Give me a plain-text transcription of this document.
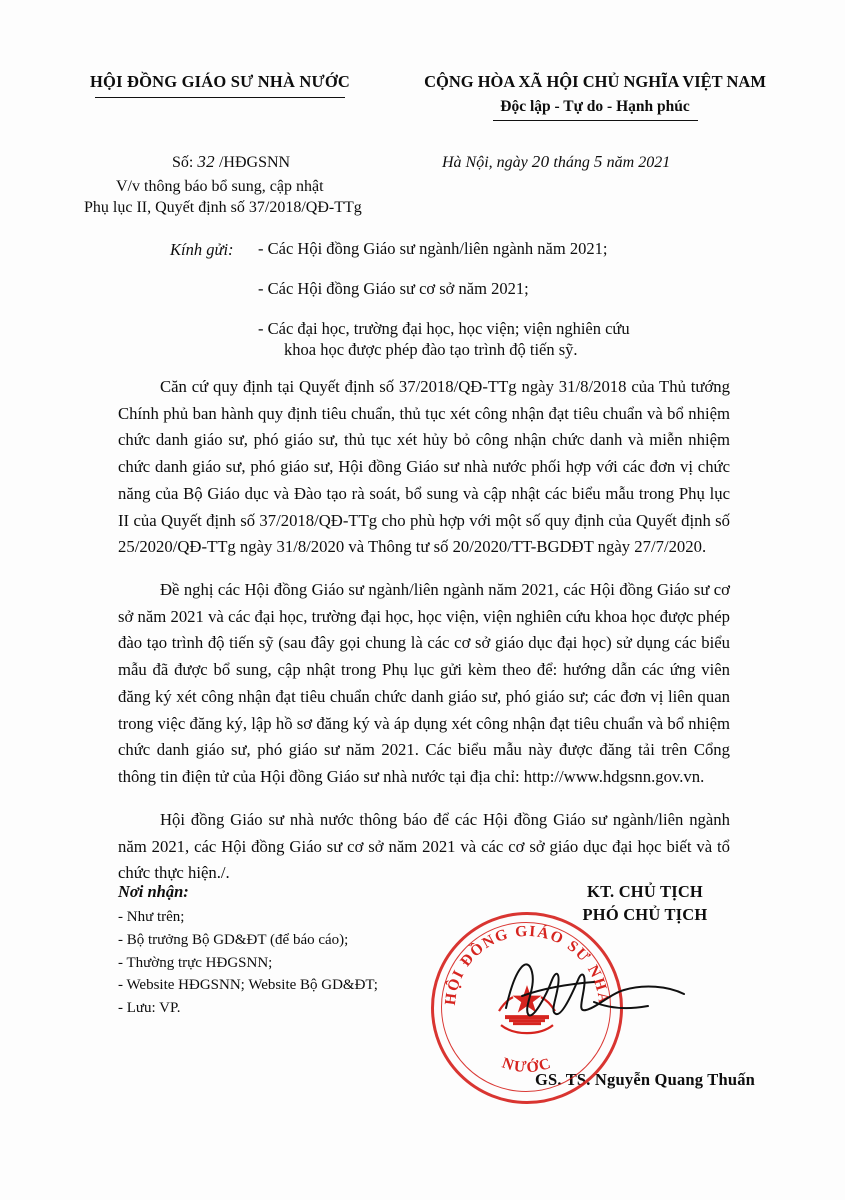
HỘI ĐỒNG GIÁO SƯ NHÀ NƯỚC	CỘNG HÒA XÃ HỘI CHỦ NGHĨA VIỆT NAM
Độc lập - Tự do - Hạnh phúc
Số: 32 /HĐGSNN
V/v thông báo bổ sung, cập nhật
Phụ lục II, Quyết định số 37/2018/QĐ-TTg
Hà Nội, ngày 20 tháng 5 năm 2021
Kính gửi: - Các Hội đồng Giáo sư ngành/liên ngành năm 2021;
- Các Hội đồng Giáo sư cơ sở năm 2021;
- Các đại học, trường đại học, học viện; viện nghiên cứu
khoa học được phép đào tạo trình độ tiến sỹ.

Căn cứ quy định tại Quyết định số 37/2018/QĐ-TTg ngày 31/8/2018 của Thủ tướng Chính phủ ban hành quy định tiêu chuẩn, thủ tục xét công nhận đạt tiêu chuẩn và bổ nhiệm chức danh giáo sư, phó giáo sư, thủ tục xét hủy bỏ công nhận chức danh và miễn nhiệm chức danh giáo sư, phó giáo sư, Hội đồng Giáo sư nhà nước phối hợp với các đơn vị chức năng của Bộ Giáo dục và Đào tạo rà soát, bổ sung và cập nhật các biểu mẫu trong Phụ lục II của Quyết định số 37/2018/QĐ-TTg cho phù hợp với một số quy định của Quyết định số 25/2020/QĐ-TTg ngày 31/8/2020 và Thông tư số 20/2020/TT-BGDĐT ngày 27/7/2020.

Đề nghị các Hội đồng Giáo sư ngành/liên ngành năm 2021, các Hội đồng Giáo sư cơ sở năm 2021 và các đại học, trường đại học, học viện, viện nghiên cứu khoa học được phép đào tạo trình độ tiến sỹ (sau đây gọi chung là các cơ sở giáo dục đại học) sử dụng các biểu mẫu đã được bổ sung, cập nhật trong Phụ lục gửi kèm theo để: hướng dẫn các ứng viên đăng ký xét công nhận đạt tiêu chuẩn chức danh giáo sư, phó giáo sư; các đơn vị liên quan trong việc đăng ký, lập hồ sơ đăng ký và áp dụng xét công nhận đạt tiêu chuẩn và bổ nhiệm chức danh giáo sư, phó giáo sư năm 2021. Các biểu mẫu này được đăng tải trên Cổng thông tin điện tử của Hội đồng Giáo sư nhà nước tại địa chỉ: http://www.hdgsnn.gov.vn.

Hội đồng Giáo sư nhà nước thông báo để các Hội đồng Giáo sư ngành/liên ngành năm 2021, các Hội đồng Giáo sư cơ sở năm 2021 và các cơ sở giáo dục đại học biết và tổ chức thực hiện./.

Nơi nhận:
- Như trên;
- Bộ trưởng Bộ GD&ĐT (để báo cáo);
- Thường trực HĐGSNN;
- Website HĐGSNN; Website Bộ GD&ĐT;
- Lưu: VP.
KT. CHỦ TỊCH
PHÓ CHỦ TỊCH
GS. TS. Nguyễn Quang Thuấn
HỘI ĐỒNG GIÁO SƯ NHÀ
NƯỚC
